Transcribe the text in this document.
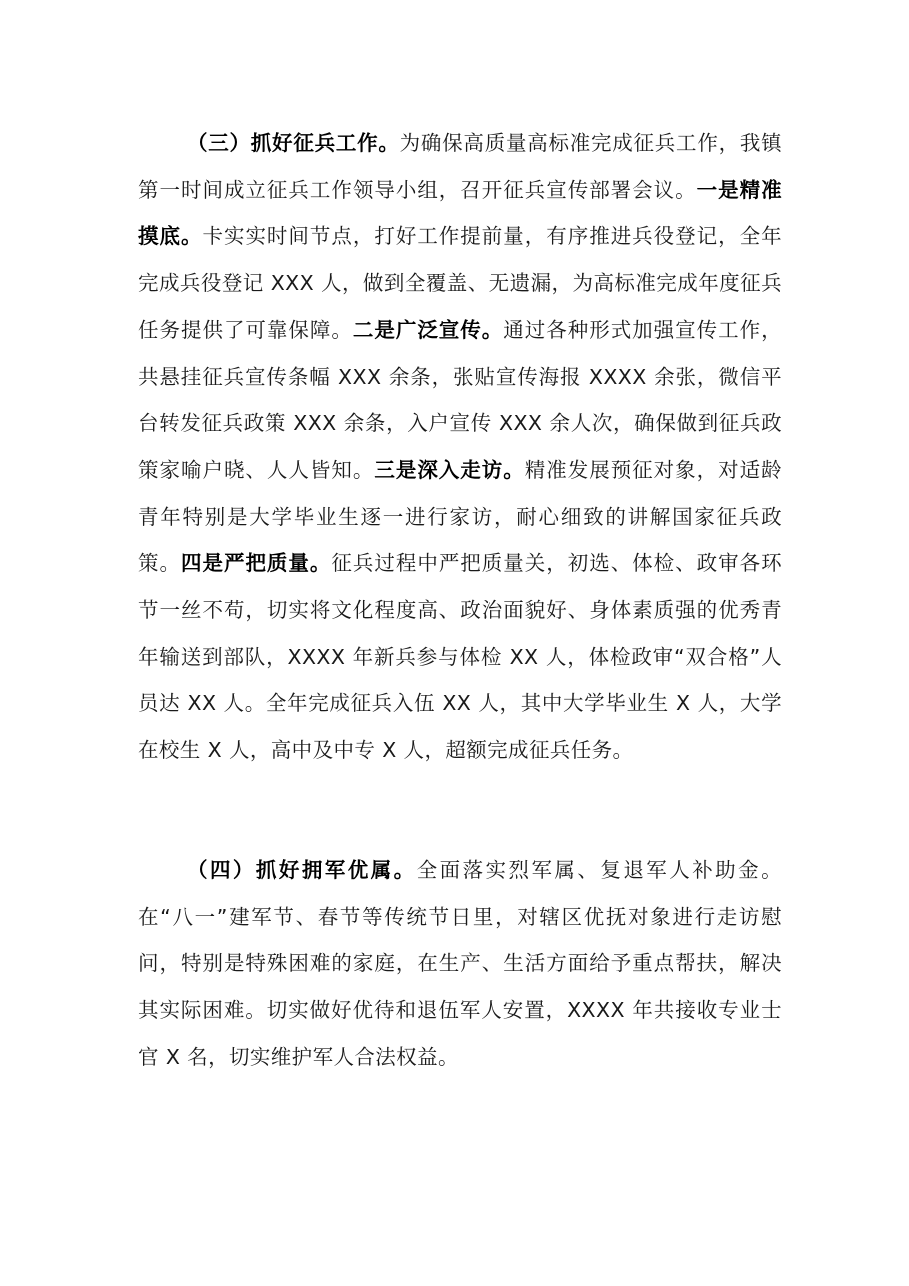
（三）抓好征兵工作。为确保高质量高标准完成征兵工作，我镇第一时间成立征兵工作领导小组，召开征兵宣传部署会议。一是精准摸底。卡实实时间节点，打好工作提前量，有序推进兵役登记，全年完成兵役登记 XXX 人，做到全覆盖、无遗漏，为高标准完成年度征兵任务提供了可靠保障。二是广泛宣传。通过各种形式加强宣传工作，共悬挂征兵宣传条幅 XXX 余条，张贴宣传海报 XXXX 余张，微信平台转发征兵政策 XXX 余条，入户宣传 XXX 余人次，确保做到征兵政策家喻户晓、人人皆知。三是深入走访。精准发展预征对象，对适龄青年特别是大学毕业生逐一进行家访，耐心细致的讲解国家征兵政策。四是严把质量。征兵过程中严把质量关，初选、体检、政审各环节一丝不苟，切实将文化程度高、政治面貌好、身体素质强的优秀青年输送到部队，XXXX 年新兵参与体检 XX 人，体检政审“双合格”人员达 XX 人。全年完成征兵入伍 XX 人，其中大学毕业生 X 人，大学在校生 X 人，高中及中专 X 人，超额完成征兵任务。

（四）抓好拥军优属。全面落实烈军属、复退军人补助金。在“八一”建军节、春节等传统节日里，对辖区优抚对象进行走访慰问，特别是特殊困难的家庭，在生产、生活方面给予重点帮扶，解决其实际困难。切实做好优待和退伍军人安置，XXXX 年共接收专业士官 X 名，切实维护军人合法权益。
